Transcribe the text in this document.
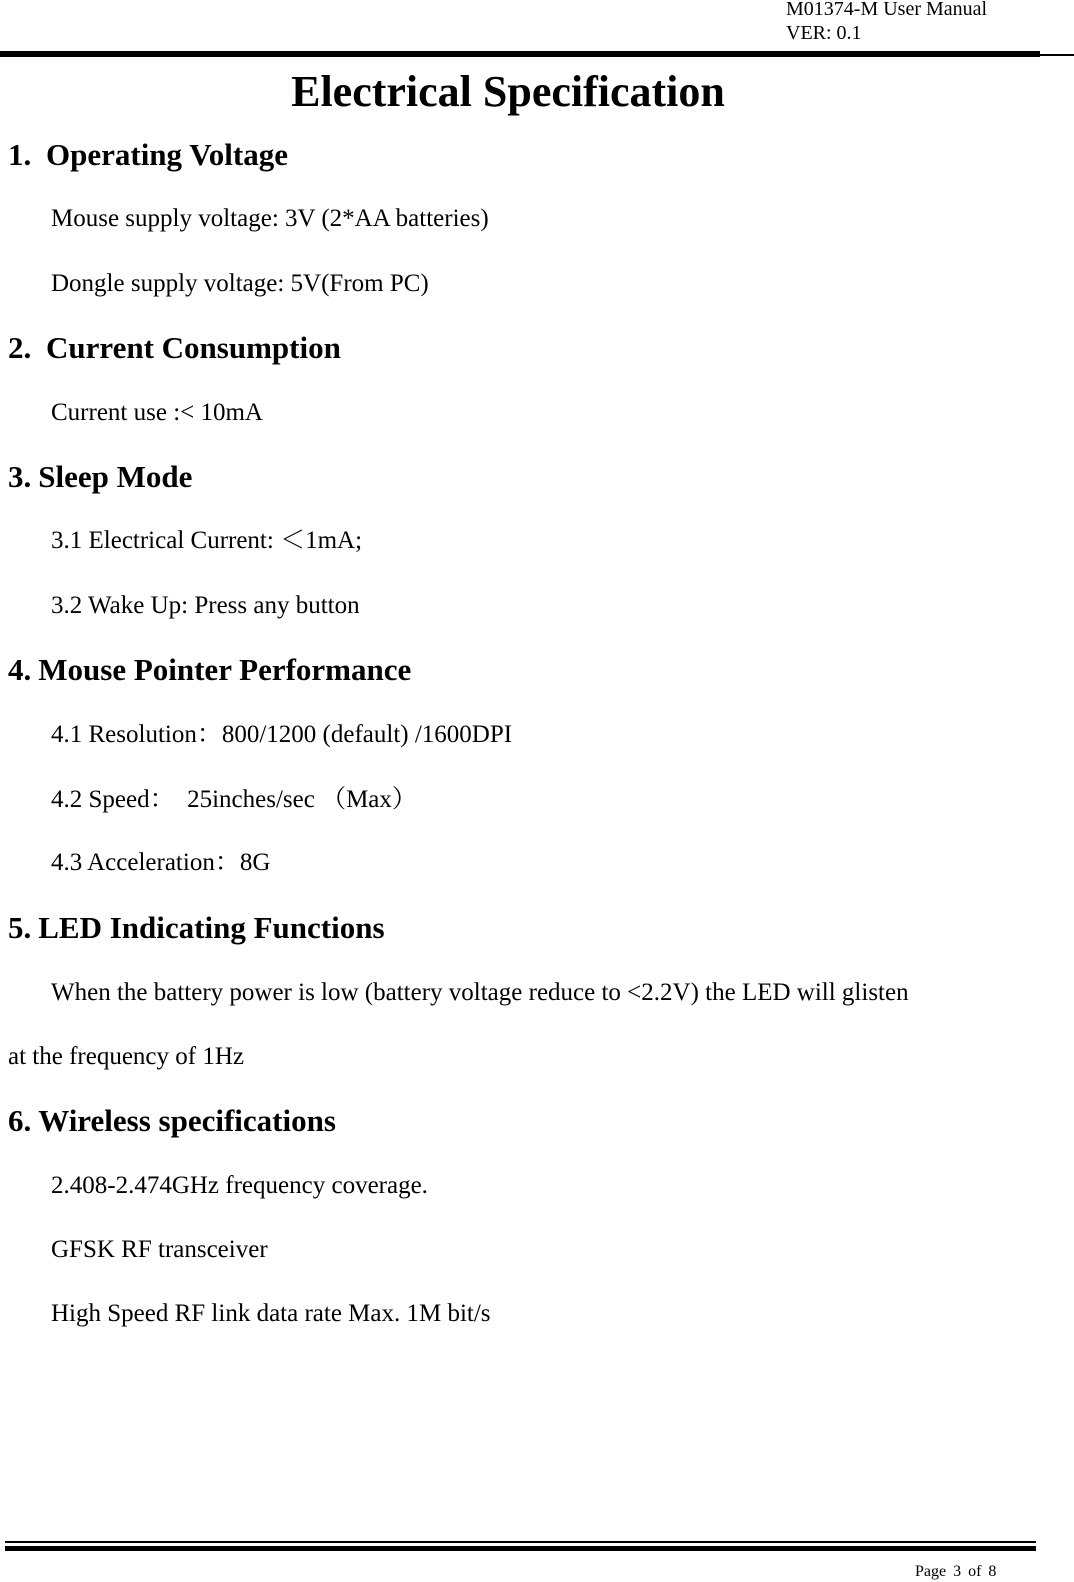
M01374-M User Manual
VER: 0.1
Electrical Specification
1. Operating Voltage
Mouse supply voltage: 3V (2*AA batteries)
Dongle supply voltage: 5V(From PC)
2. Current Consumption
Current use :< 10mA
3. Sleep Mode
3.1 Electrical Current: ＜1mA;
3.2 Wake Up: Press any button
4. Mouse Pointer Performance
4.1 Resolution：800/1200 (default) /1600DPI
4.2 Speed：  25inches/sec （Max）
4.3 Acceleration：8G
5. LED Indicating Functions
When the battery power is low (battery voltage reduce to <2.2V) the LED will glisten
at the frequency of 1Hz
6. Wireless specifications
2.408-2.474GHz frequency coverage.
GFSK RF transceiver
High Speed RF link data rate Max. 1M bit/s
Page 3 of 8
